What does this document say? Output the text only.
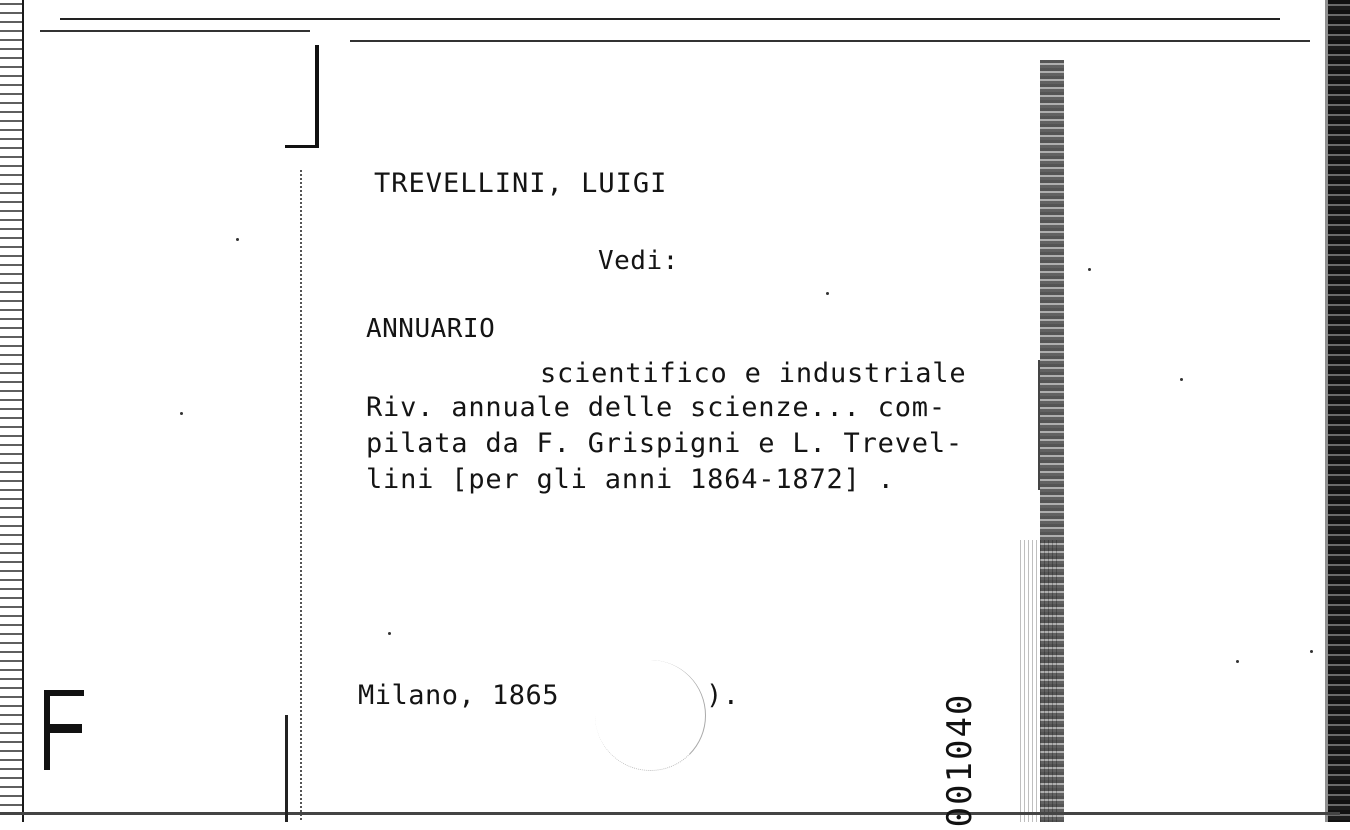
TREVELLINI, LUIGI
Vedi:
ANNUARIO
scientifico e industriale
Riv. annuale delle scienze... com-
pilata da F. Grispigni e L. Trevel-
lini [per gli anni 1864-1872] .
Milano, 1865	).	001040
